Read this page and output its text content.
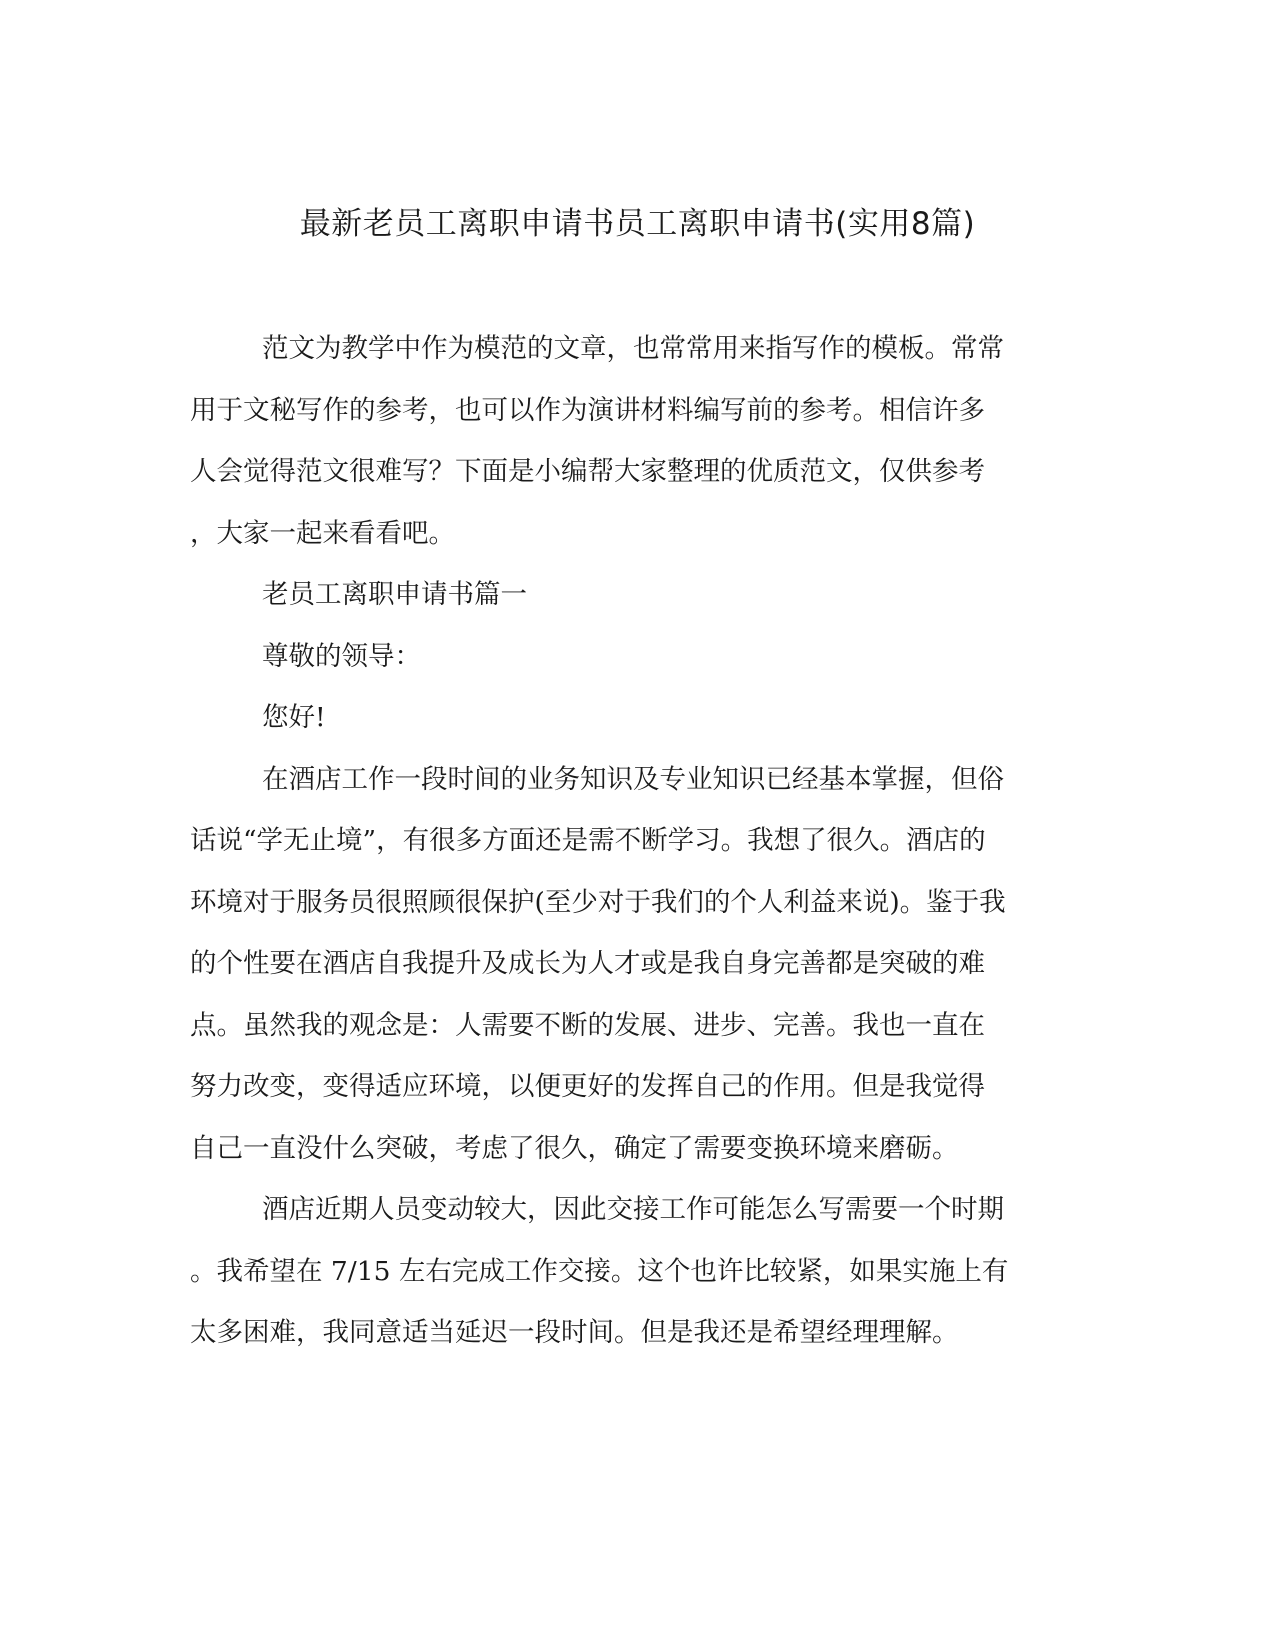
最新老员工离职申请书员工离职申请书(实用8篇)
范文为教学中作为模范的文章，也常常用来指写作的模板。常常
用于文秘写作的参考，也可以作为演讲材料编写前的参考。相信许多
人会觉得范文很难写？下面是小编帮大家整理的优质范文，仅供参考
，大家一起来看看吧。
老员工离职申请书篇一
尊敬的领导：
您好!
在酒店工作一段时间的业务知识及专业知识已经基本掌握，但俗
话说“学无止境”，有很多方面还是需不断学习。我想了很久。酒店的
环境对于服务员很照顾很保护(至少对于我们的个人利益来说)。鉴于我
的个性要在酒店自我提升及成长为人才或是我自身完善都是突破的难
点。虽然我的观念是：人需要不断的发展、进步、完善。我也一直在
努力改变，变得适应环境，以便更好的发挥自己的作用。但是我觉得
自己一直没什么突破，考虑了很久，确定了需要变换环境来磨砺。
酒店近期人员变动较大，因此交接工作可能怎么写需要一个时期
。我希望在 7/15 左右完成工作交接。这个也许比较紧，如果实施上有
太多困难，我同意适当延迟一段时间。但是我还是希望经理理解。
